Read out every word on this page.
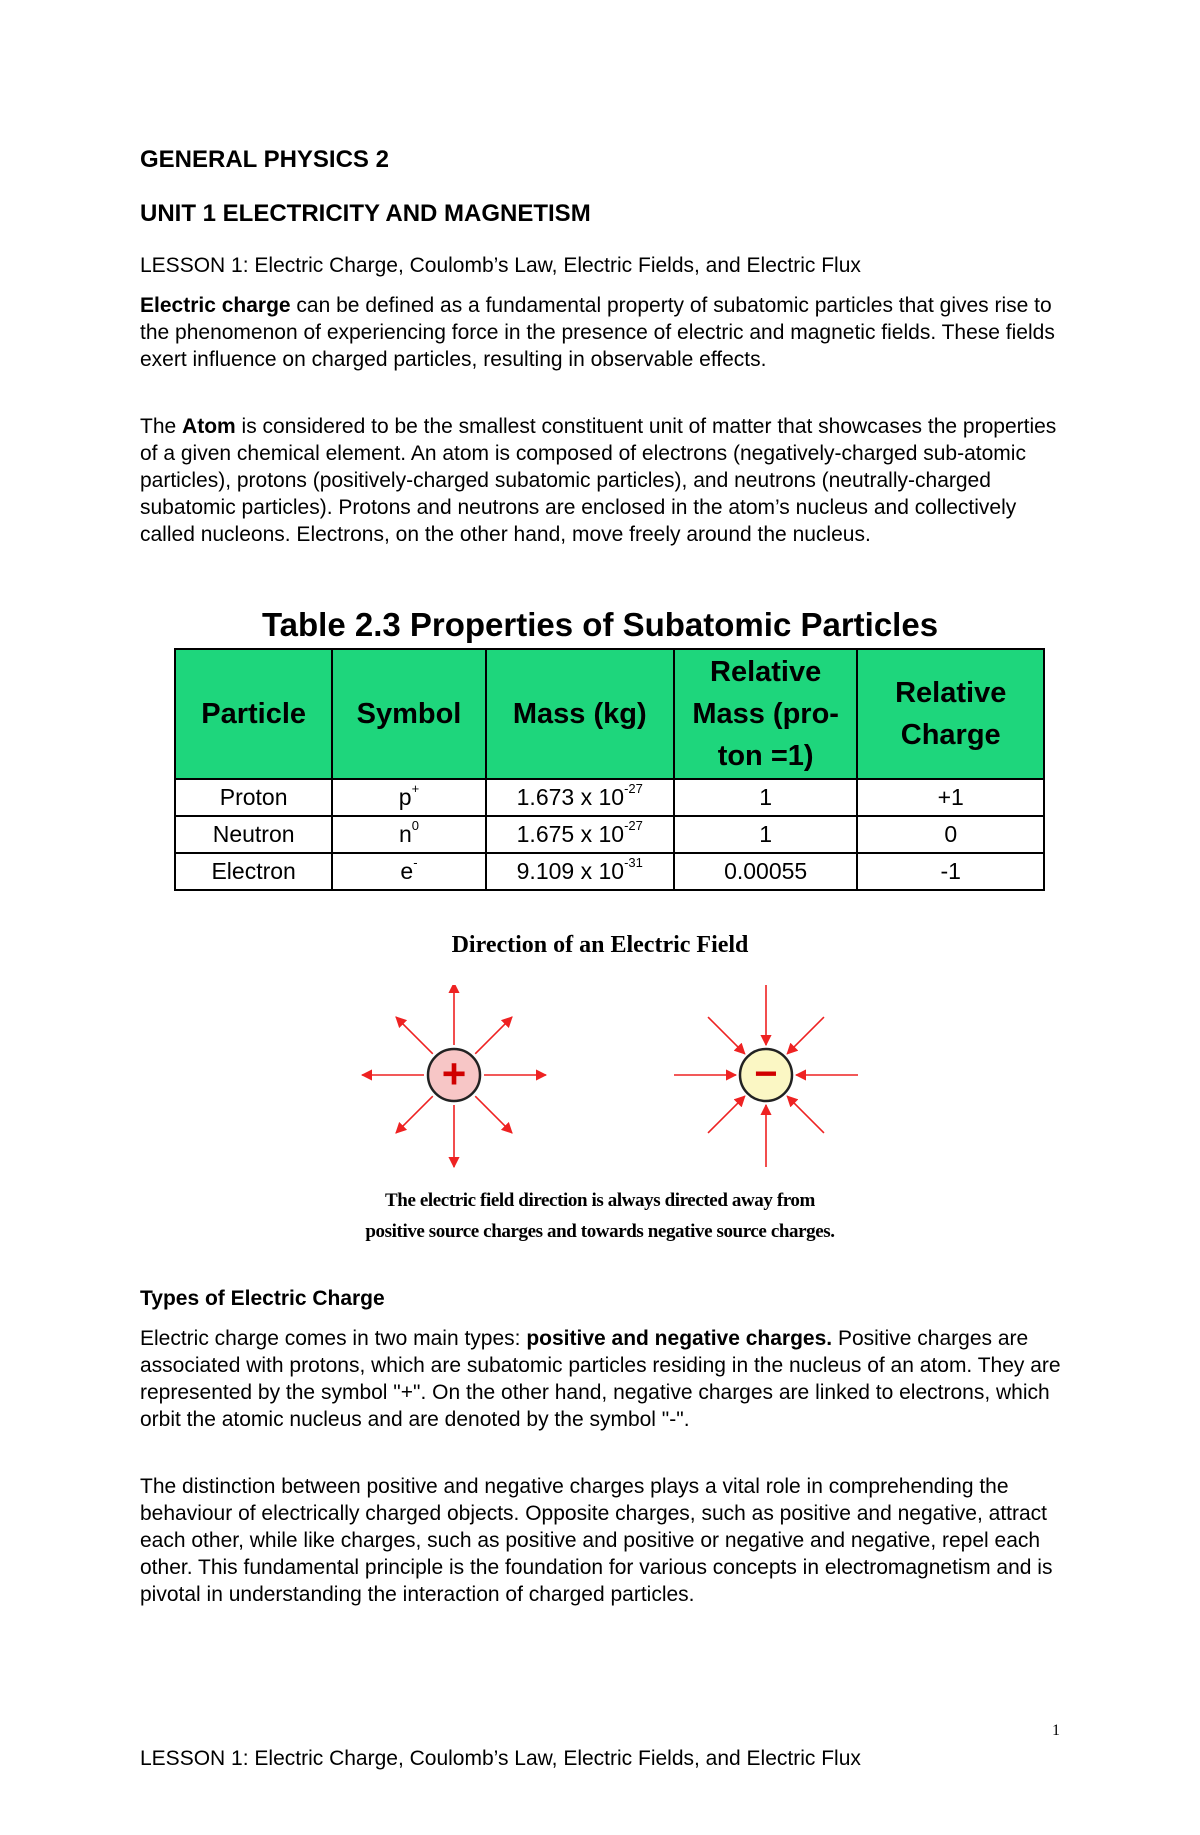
GENERAL PHYSICS 2
UNIT 1 ELECTRICITY AND MAGNETISM
LESSON 1: Electric Charge, Coulomb’s Law, Electric Fields, and Electric Flux

Electric charge can be defined as a fundamental property of subatomic particles that gives rise to the phenomenon of experiencing force in the presence of electric and magnetic fields. These fields exert influence on charged particles, resulting in observable effects.

The Atom is considered to be the smallest constituent unit of matter that showcases the properties of a given chemical element. An atom is composed of electrons (negatively-charged sub-atomic particles), protons (positively-charged subatomic particles), and neutrons (neutrally-charged subatomic particles). Protons and neutrons are enclosed in the atom’s nucleus and collectively called nucleons. Electrons, on the other hand, move freely around the nucleus.

Table 2.3 Properties of Subatomic Particles
Particle	Symbol	Mass (kg)	Relative Mass (pro-ton =1)	Relative Charge
Proton	p+	1.673 x $10^{-27}$	1	+1
Neutron	$n^0$	1.675 x $10^{-27}$	1	0
Electron	e-	9.109 x $10^{-31}$	0.00055	-1
Direction of an Electric Field
+	−
The electric field direction is always directed away from
positive source charges and towards negative source charges.
Types of Electric Charge

Electric charge comes in two main types: positive and negative charges. Positive charges are associated with protons, which are subatomic particles residing in the nucleus of an atom. They are represented by the symbol "+". On the other hand, negative charges are linked to electrons, which orbit the atomic nucleus and are denoted by the symbol "-".

The distinction between positive and negative charges plays a vital role in comprehending the behaviour of electrically charged objects. Opposite charges, such as positive and negative, attract each other, while like charges, such as positive and positive or negative and negative, repel each other. This fundamental principle is the foundation for various concepts in electromagnetism and is pivotal in understanding the interaction of charged particles.

1
LESSON 1: Electric Charge, Coulomb’s Law, Electric Fields, and Electric Flux
